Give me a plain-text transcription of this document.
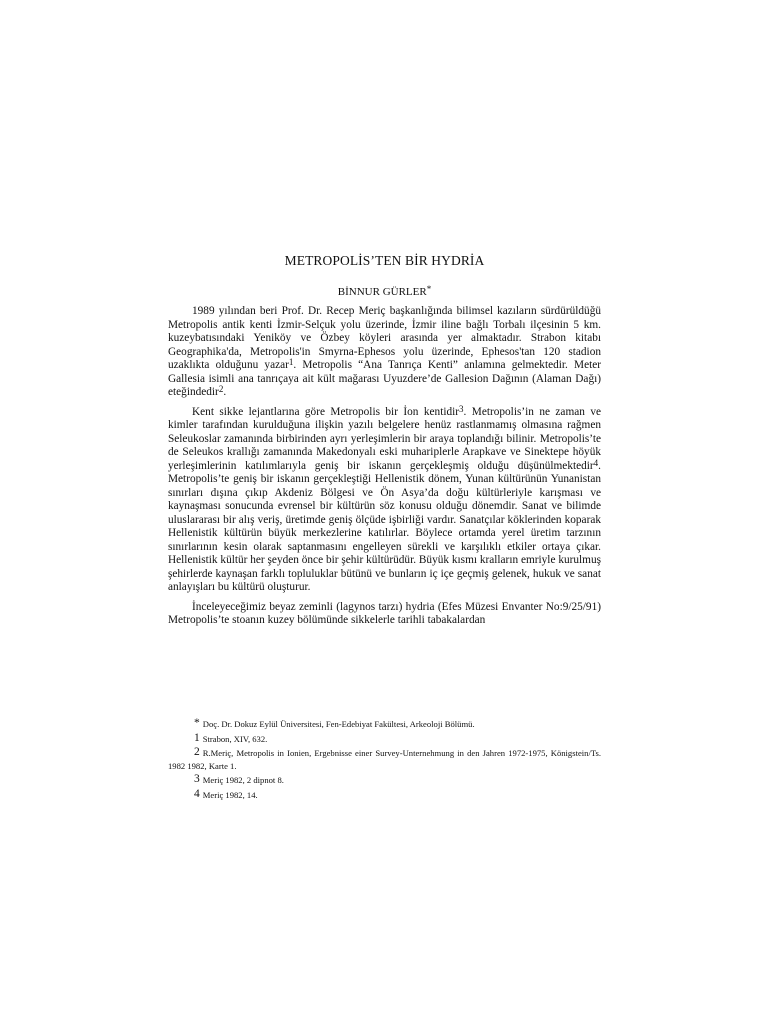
METROPOLİS’TEN BİR HYDRİA
BİNNUR GÜRLER*

1989 yılından beri Prof. Dr. Recep Meriç başkanlığında bilimsel kazıların sürdürüldüğü Metropolis antik kenti İzmir-Selçuk yolu üzerinde, İzmir iline bağlı Torbalı ilçesinin 5 km. kuzeybatısındaki Yeniköy ve Özbey köyleri arasında yer almaktadır. Strabon kitabı Geographika'da, Metropolis'in Smyrna-Ephesos yolu üzerinde, Ephesos'tan 120 stadion uzaklıkta olduğunu yazar$^1$. Metropolis “Ana Tanrıça Kenti” anlamına gelmektedir. Meter Gallesia isimli ana tanrıçaya ait kült mağarası Uyuzdere’de Gallesion Dağının (Alaman Dağı) eteğindedir$^2$.

Kent sikke lejantlarına göre Metropolis bir İon kentidir$^3$. Metropolis’in ne zaman ve kimler tarafından kurulduğuna ilişkin yazılı belgelere henüz rastlanmamış olmasına rağmen Seleukoslar zamanında birbirinden ayrı yerleşimlerin bir araya toplandığı bilinir. Metropolis’te de Seleukos krallığı zamanında Makedonyalı eski muhariplerle Arapkave ve Sinektepe höyük yerleşimlerinin katılımlarıyla geniş bir iskanın gerçekleşmiş olduğu düşünülmektedir$^4$. Metropolis’te geniş bir iskanın gerçekleştiği Hellenistik dönem, Yunan kültürünün Yunanistan sınırları dışına çıkıp Akdeniz Bölgesi ve Ön Asya’da doğu kültürleriyle karışması ve kaynaşması sonucunda evrensel bir kültürün söz konusu olduğu dönemdir. Sanat ve bilimde uluslararası bir alış veriş, üretimde geniş ölçüde işbirliği vardır. Sanatçılar köklerinden koparak Hellenistik kültürün büyük merkezlerine katılırlar. Böylece ortamda yerel üretim tarzının sınırlarının kesin olarak saptanmasını engelleyen sürekli ve karşılıklı etkiler ortaya çıkar. Hellenistik kültür her şeyden önce bir şehir kültürüdür. Büyük kısmı kralların emriyle kurulmuş şehirlerde kaynaşan farklı topluluklar bütünü ve bunların iç içe geçmiş gelenek, hukuk ve sanat anlayışları bu kültürü oluşturur.

İnceleyeceğimiz beyaz zeminli (lagynos tarzı) hydria (Efes Müzesi Envanter No:9/25/91) Metropolis’te stoanın kuzey bölümünde sikkelerle tarihli tabakalardan

* Doç. Dr. Dokuz Eylül Üniversitesi, Fen-Edebiyat Fakültesi, Arkeoloji Bölümü.
1 Strabon, XIV, 632.
2 R.Meriç, Metropolis in Ionien, Ergebnisse einer Survey-Unternehmung in den Jahren 1972-1975, Königstein/Ts. 1982 1982, Karte 1.
3 Meriç 1982, 2 dipnot 8.
4 Meriç 1982, 14.
